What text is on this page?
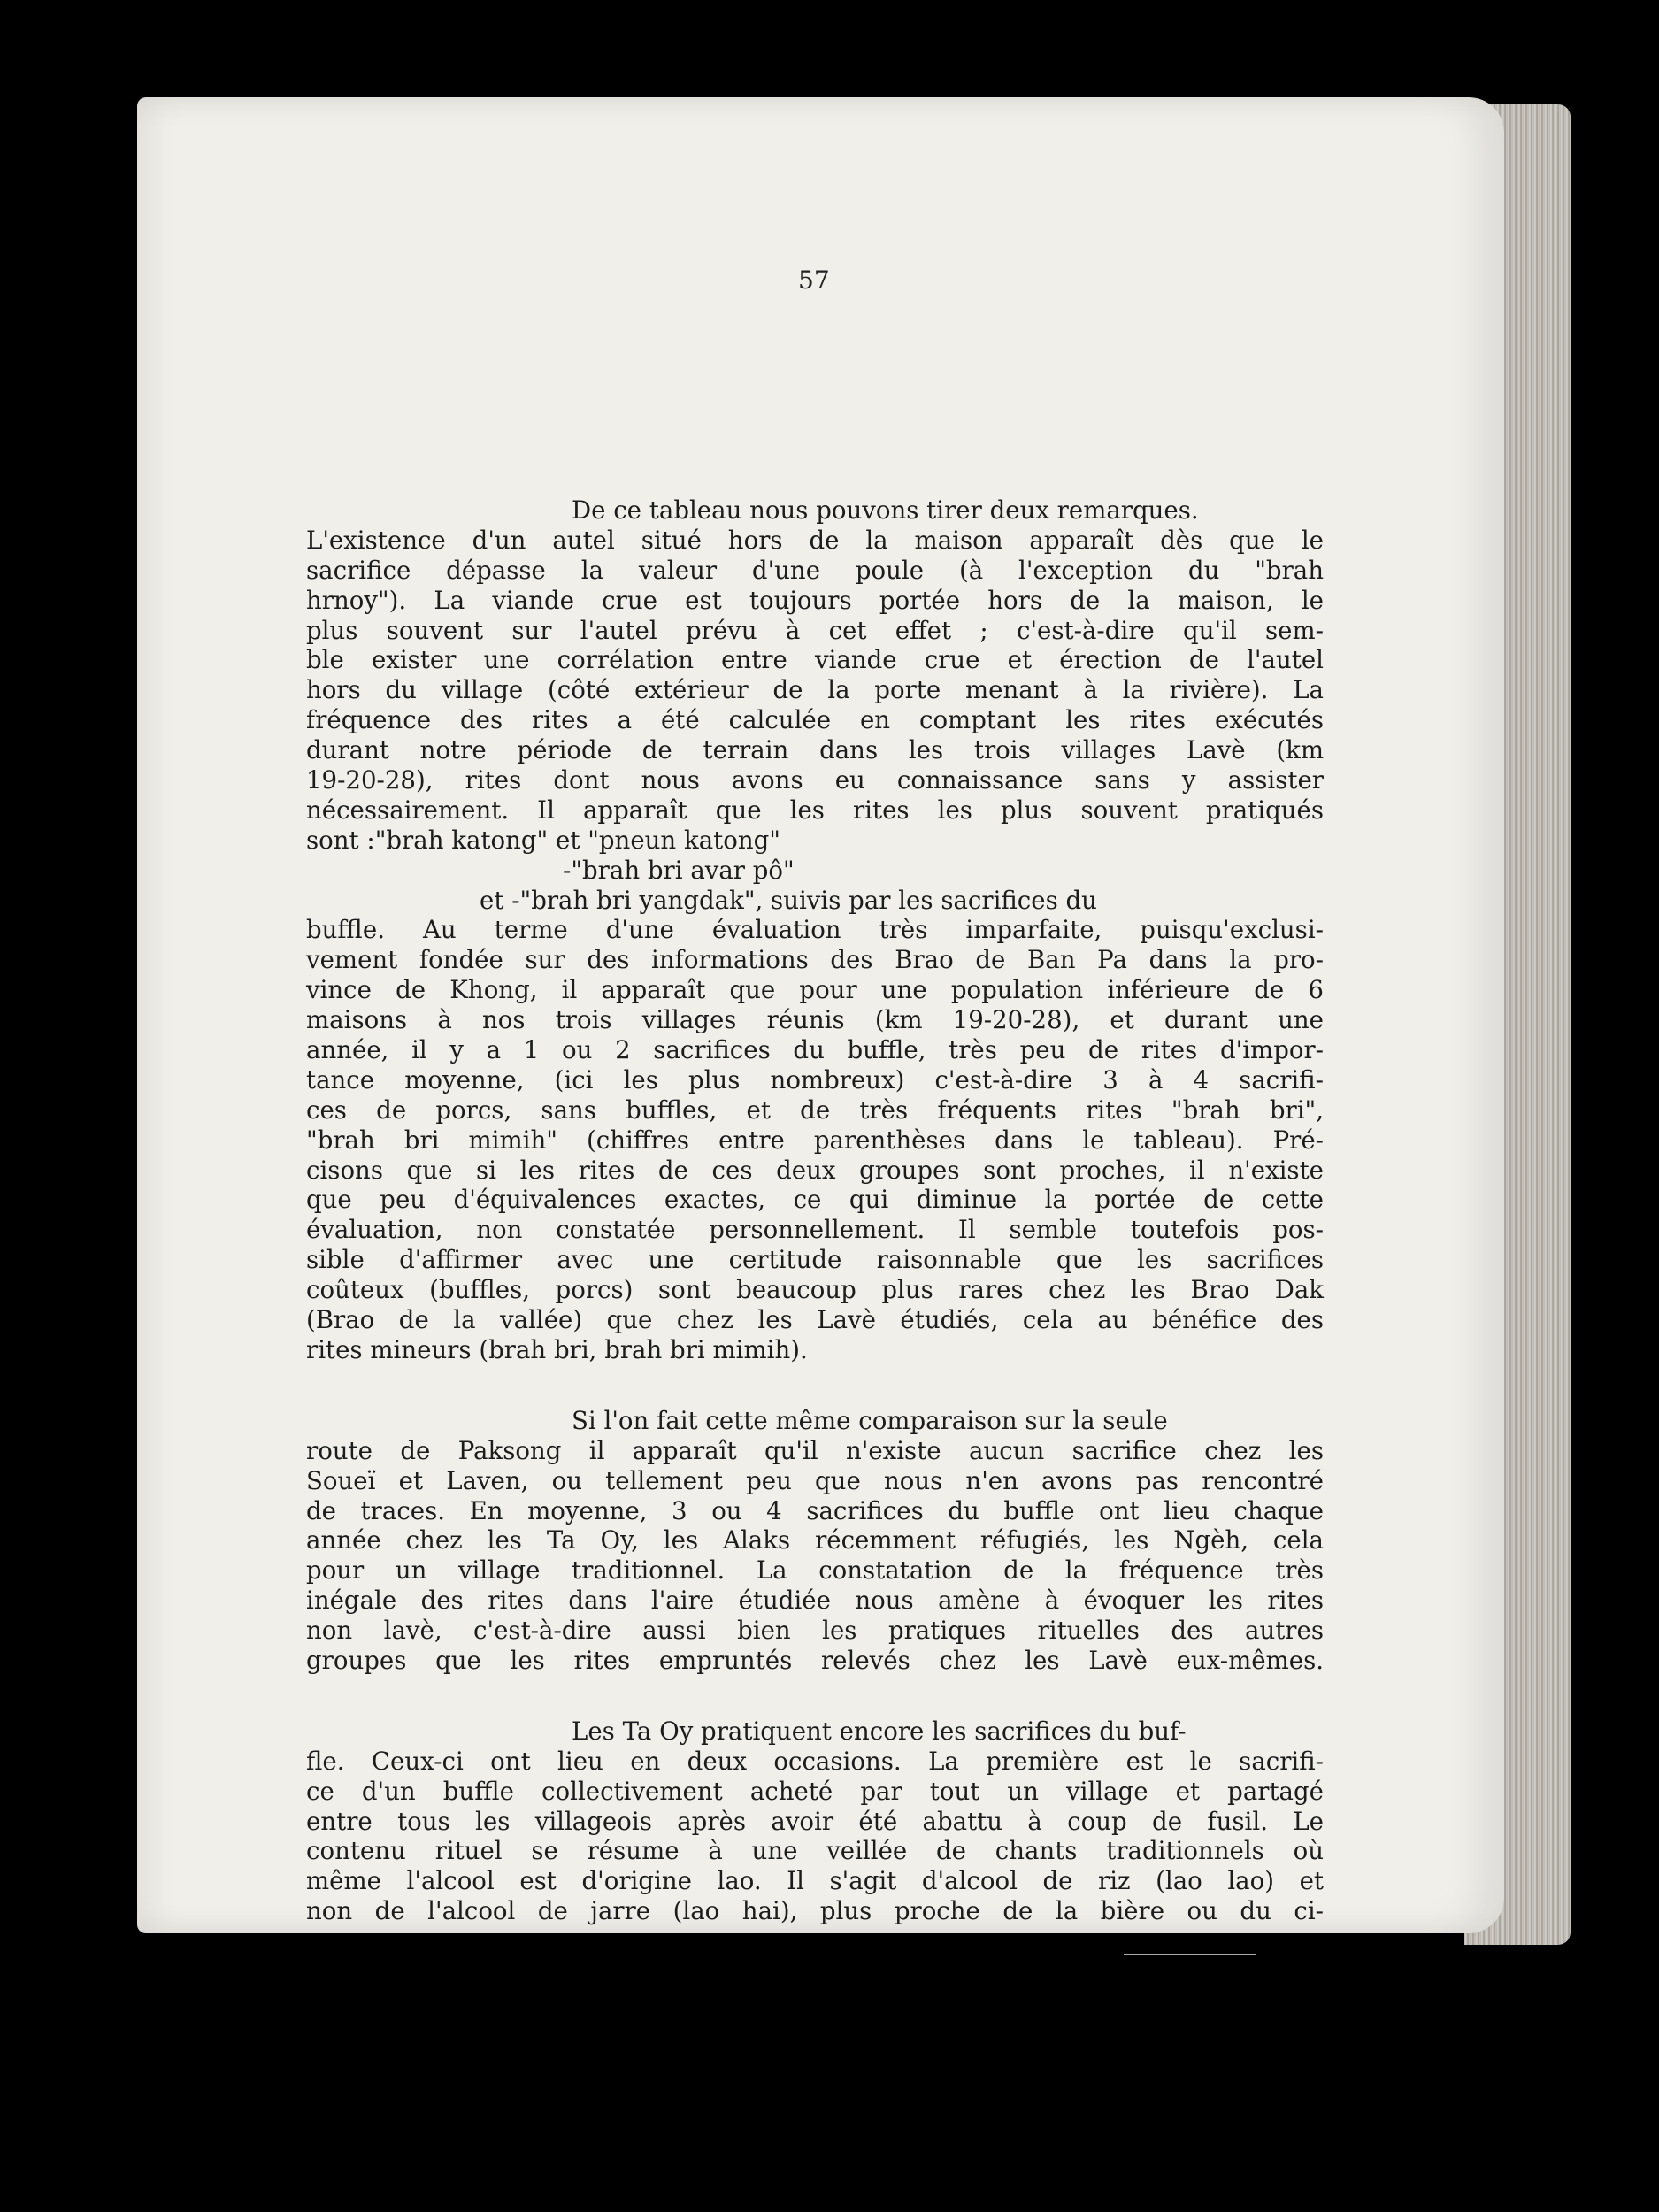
57
De ce tableau nous pouvons tirer deux remarques.
L'existence d'un autel situé hors de la maison apparaît dès que le
sacrifice dépasse la valeur d'une poule (à l'exception du "brah
hrnoy"). La viande crue est toujours portée hors de la maison, le
plus souvent sur l'autel prévu à cet effet ; c'est-à-dire qu'il sem-
ble exister une corrélation entre viande crue et érection de l'autel
hors du village (côté extérieur de la porte menant à la rivière). La
fréquence des rites a été calculée en comptant les rites exécutés
durant notre période de terrain dans les trois villages Lavè (km
19-20-28), rites dont nous avons eu connaissance sans y assister
nécessairement. Il apparaît que les rites les plus souvent pratiqués
sont :"brah katong" et "pneun katong"
-"brah bri avar pô"
et -"brah bri yangdak", suivis par les sacrifices du
buffle. Au terme d'une évaluation très imparfaite, puisqu'exclusi-
vement fondée sur des informations des Brao de Ban Pa dans la pro-
vince de Khong, il apparaît que pour une population inférieure de 6
maisons à nos trois villages réunis (km 19-20-28), et durant une
année, il y a 1 ou 2 sacrifices du buffle, très peu de rites d'impor-
tance moyenne, (ici les plus nombreux) c'est-à-dire 3 à 4 sacrifi-
ces de porcs, sans buffles, et de très fréquents rites "brah bri",
"brah bri mimih" (chiffres entre parenthèses dans le tableau). Pré-
cisons que si les rites de ces deux groupes sont proches, il n'existe
que peu d'équivalences exactes, ce qui diminue la portée de cette
évaluation, non constatée personnellement. Il semble toutefois pos-
sible d'affirmer avec une certitude raisonnable que les sacrifices
coûteux (buffles, porcs) sont beaucoup plus rares chez les Brao Dak
(Brao de la vallée) que chez les Lavè étudiés, cela au bénéfice des
rites mineurs (brah bri, brah bri mimih).
Si l'on fait cette même comparaison sur la seule
route de Paksong il apparaît qu'il n'existe aucun sacrifice chez les
Soueï et Laven, ou tellement peu que nous n'en avons pas rencontré
de traces. En moyenne, 3 ou 4 sacrifices du buffle ont lieu chaque
année chez les Ta Oy, les Alaks récemment réfugiés, les Ngèh, cela
pour un village traditionnel. La constatation de la fréquence très
inégale des rites dans l'aire étudiée nous amène à évoquer les rites
non lavè, c'est-à-dire aussi bien les pratiques rituelles des autres
groupes que les rites empruntés relevés chez les Lavè eux-mêmes.
Les Ta Oy pratiquent encore les sacrifices du buf-
fle. Ceux-ci ont lieu en deux occasions. La première est le sacrifi-
ce d'un buffle collectivement acheté par tout un village et partagé
entre tous les villageois après avoir été abattu à coup de fusil. Le
contenu rituel se résume à une veillée de chants traditionnels où
même l'alcool est d'origine lao. Il s'agit d'alcool de riz (lao lao) et
non de l'alcool de jarre (lao hai), plus proche de la bière ou du ci-
